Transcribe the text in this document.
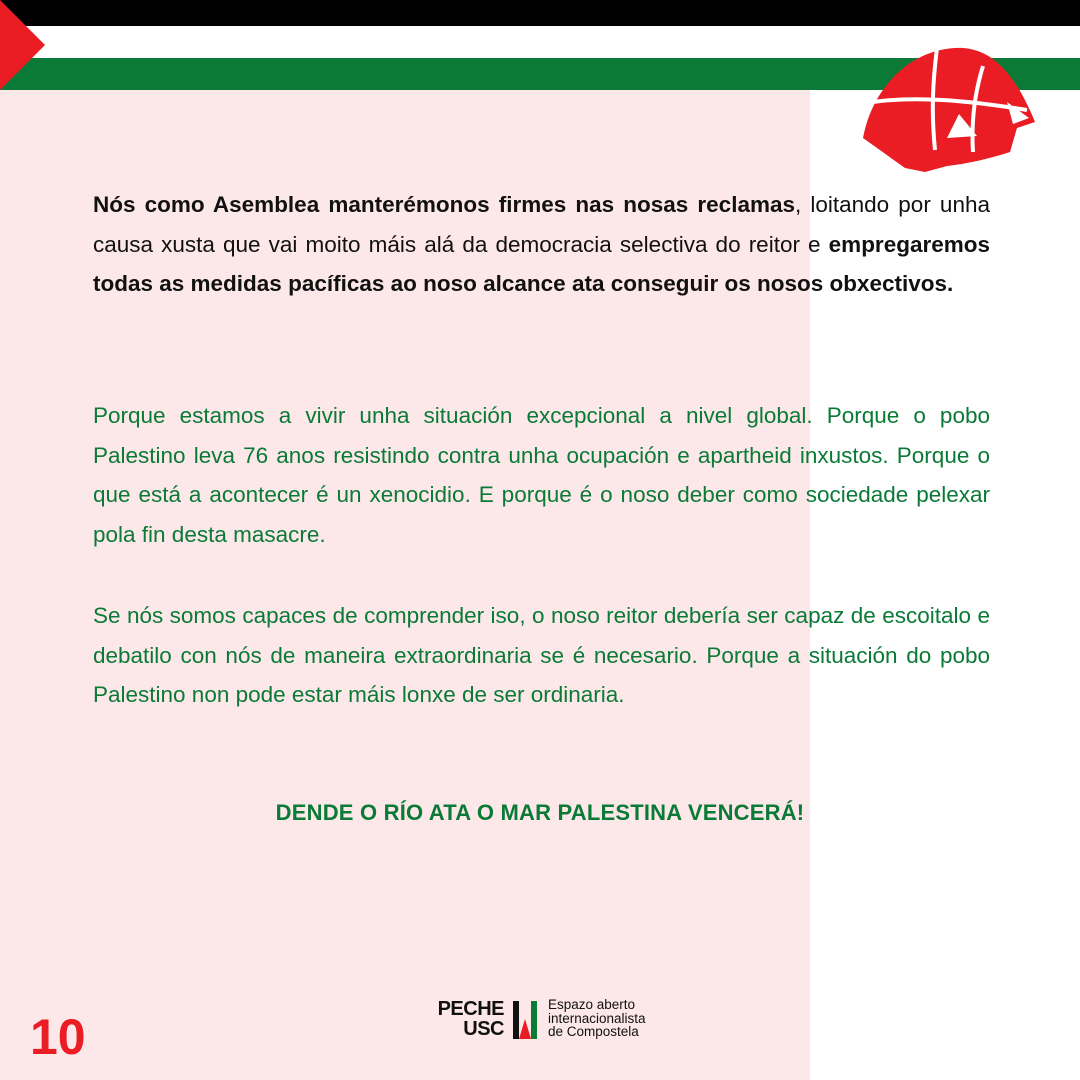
Nós como Asemblea manterémonos firmes nas nosas reclamas, loitando por unha causa xusta que vai moito máis alá da democracia selectiva do reitor e empregaremos todas as medidas pacíficas ao noso alcance ata conseguir os nosos obxectivos.

Porque estamos a vivir unha situación excepcional a nivel global. Porque o pobo Palestino leva 76 anos resistindo contra unha ocupación e apartheid inxustos. Porque o que está a acontecer é un xenocidio. E porque é o noso deber como sociedade pelexar pola fin desta masacre.

Se nós somos capaces de comprender iso, o noso reitor debería ser capaz de escoitalo e debatilo con nós de maneira extraordinaria se é necesario. Porque a situación do pobo Palestino non pode estar máis lonxe de ser ordinaria.

DENDE O RÍO ATA O MAR PALESTINA VENCERÁ!

10	PECHE
USC
Espazo aberto
internacionalista
de Compostela
